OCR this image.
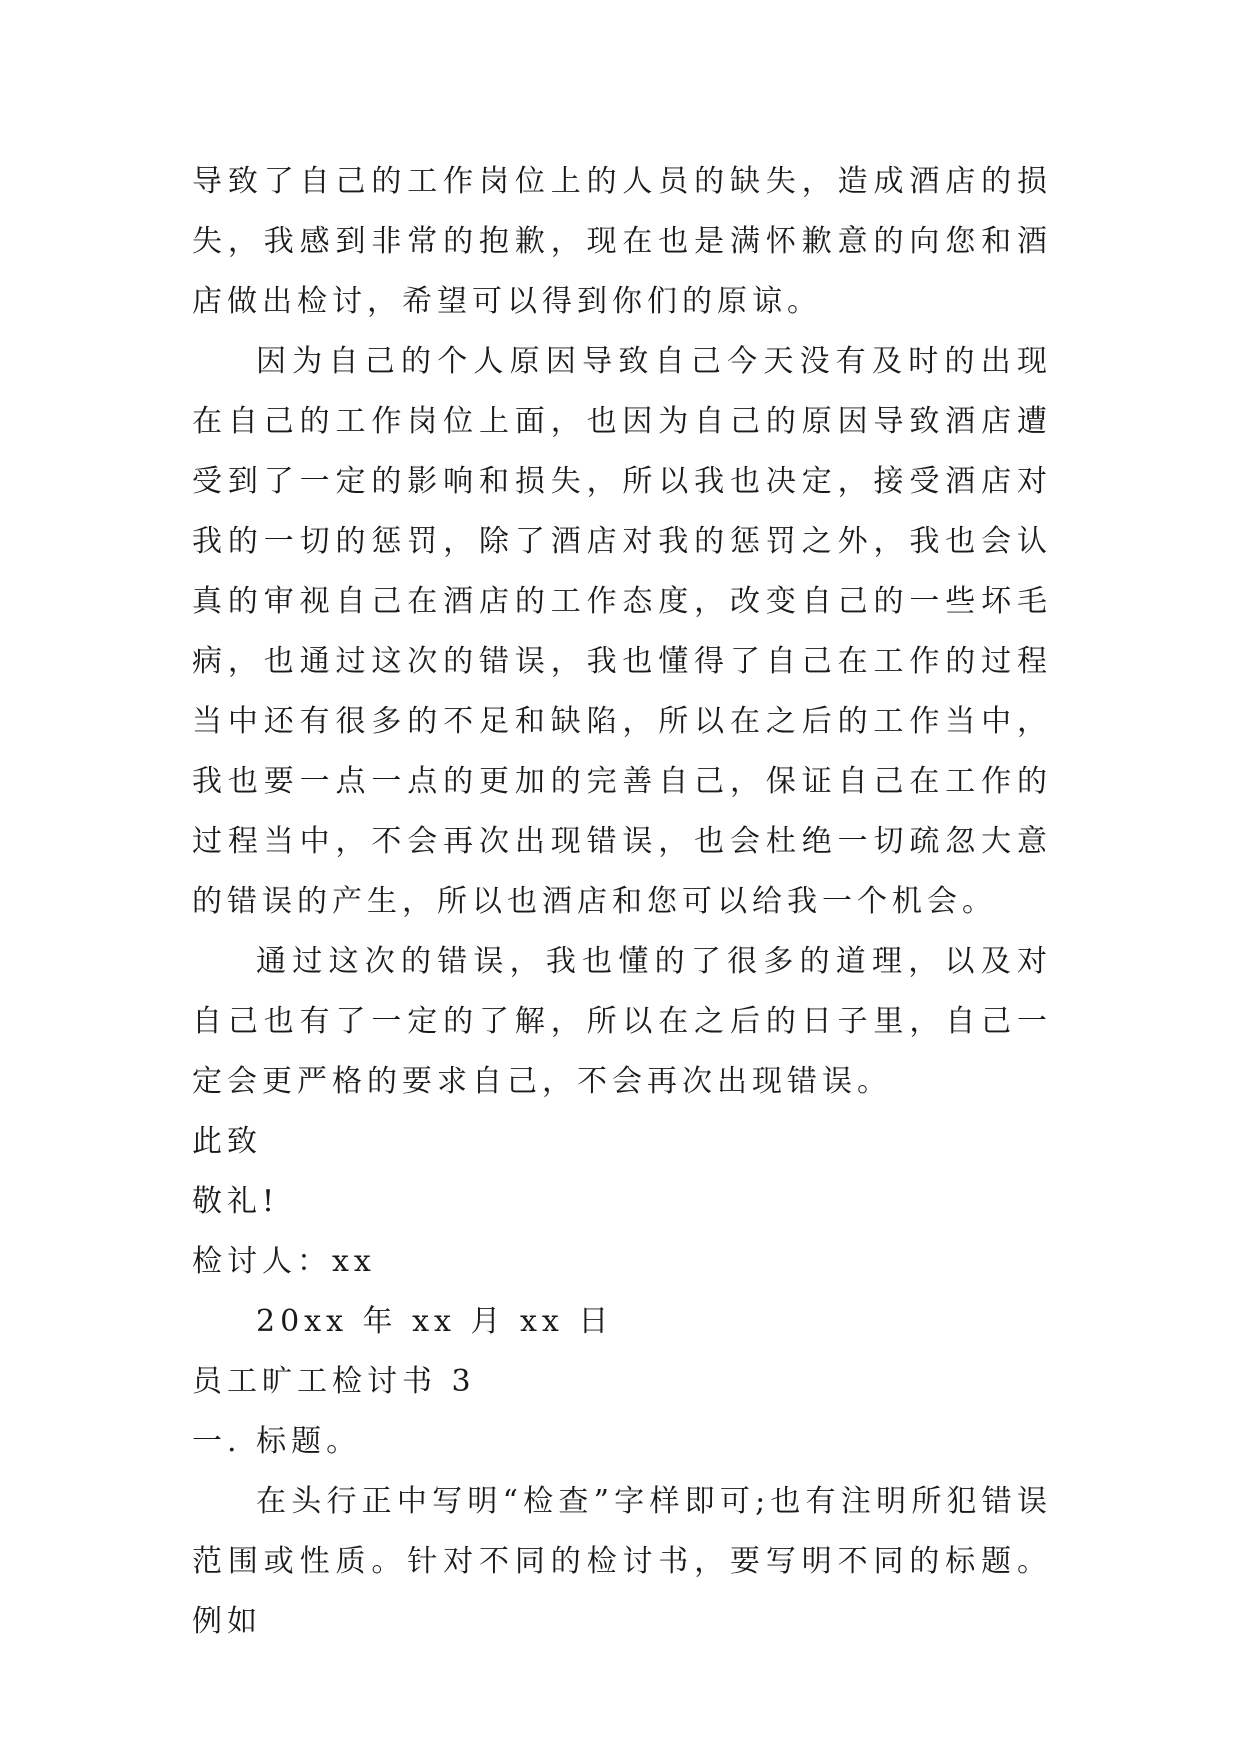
导致了自己的工作岗位上的人员的缺失，造成酒店的损失，我感到非常的抱歉，现在也是满怀歉意的向您和酒店做出检讨，希望可以得到你们的原谅。

因为自己的个人原因导致自己今天没有及时的出现在自己的工作岗位上面，也因为自己的原因导致酒店遭受到了一定的影响和损失，所以我也决定，接受酒店对我的一切的惩罚，除了酒店对我的惩罚之外，我也会认真的审视自己在酒店的工作态度，改变自己的一些坏毛病，也通过这次的错误，我也懂得了自己在工作的过程当中还有很多的不足和缺陷，所以在之后的工作当中，我也要一点一点的更加的完善自己，保证自己在工作的过程当中，不会再次出现错误，也会杜绝一切疏忽大意的错误的产生，所以也酒店和您可以给我一个机会。

通过这次的错误，我也懂的了很多的道理，以及对自己也有了一定的了解，所以在之后的日子里，自己一定会更严格的要求自己，不会再次出现错误。

此致

敬礼!

检讨人：xx

20xx 年 xx 月 xx 日

员工旷工检讨书 3

一. 标题。

在头行正中写明“检查”字样即可;也有注明所犯错误范围或性质。针对不同的检讨书，要写明不同的标题。例如
